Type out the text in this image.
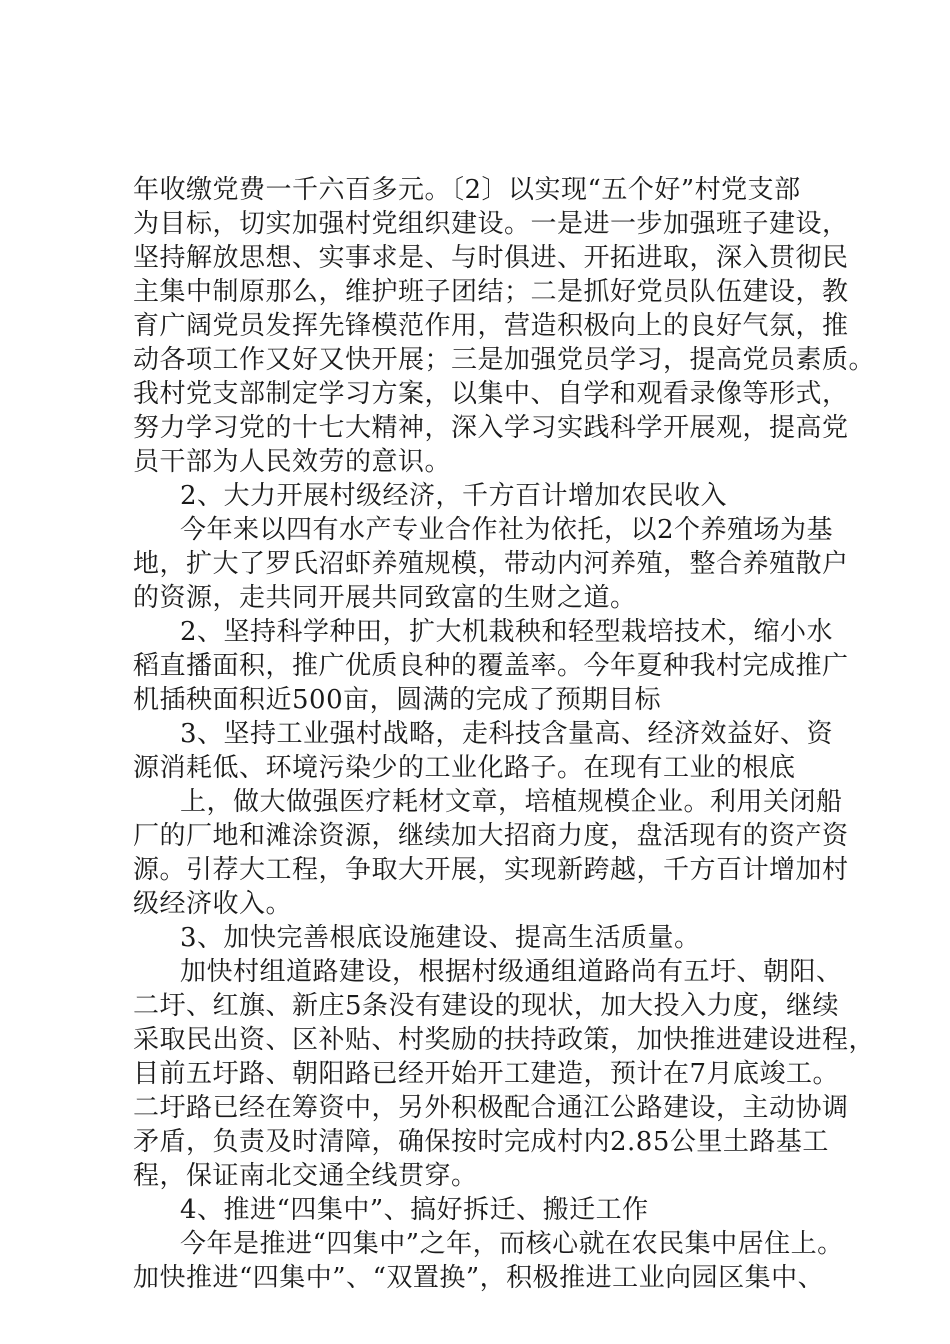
年收缴党费一千六百多元。〔2〕以实现“五个好”村党支部
为目标，切实加强村党组织建设。一是进一步加强班子建设，
坚持解放思想、实事求是、与时俱进、开拓进取，深入贯彻民
主集中制原那么，维护班子团结；二是抓好党员队伍建设，教
育广阔党员发挥先锋模范作用，营造积极向上的良好气氛，推
动各项工作又好又快开展；三是加强党员学习，提高党员素质。
我村党支部制定学习方案，以集中、自学和观看录像等形式，
努力学习党的十七大精神，深入学习实践科学开展观，提高党
员干部为人民效劳的意识。
2、大力开展村级经济，千方百计增加农民收入
今年来以四有水产专业合作社为依托，以2个养殖场为基
地，扩大了罗氏沼虾养殖规模，带动内河养殖，整合养殖散户
的资源，走共同开展共同致富的生财之道。
2、坚持科学种田，扩大机栽秧和轻型栽培技术，缩小水
稻直播面积，推广优质良种的覆盖率。今年夏种我村完成推广
机插秧面积近500亩，圆满的完成了预期目标
3、坚持工业强村战略，走科技含量高、经济效益好、资
源消耗低、环境污染少的工业化路子。在现有工业的根底
上，做大做强医疗耗材文章，培植规模企业。利用关闭船
厂的厂地和滩涂资源，继续加大招商力度，盘活现有的资产资
源。引荐大工程，争取大开展，实现新跨越，千方百计增加村
级经济收入。
3、加快完善根底设施建设、提高生活质量。
加快村组道路建设，根据村级通组道路尚有五圩、朝阳、
二圩、红旗、新庄5条没有建设的现状，加大投入力度，继续
采取民出资、区补贴、村奖励的扶持政策，加快推进建设进程，
目前五圩路、朝阳路已经开始开工建造，预计在7月底竣工。
二圩路已经在筹资中，另外积极配合通江公路建设，主动协调
矛盾，负责及时清障，确保按时完成村内2.85公里土路基工
程，保证南北交通全线贯穿。
4、推进“四集中”、搞好拆迁、搬迁工作
今年是推进“四集中”之年，而核心就在农民集中居住上。
加快推进“四集中”、“双置换”，积极推进工业向园区集中、
